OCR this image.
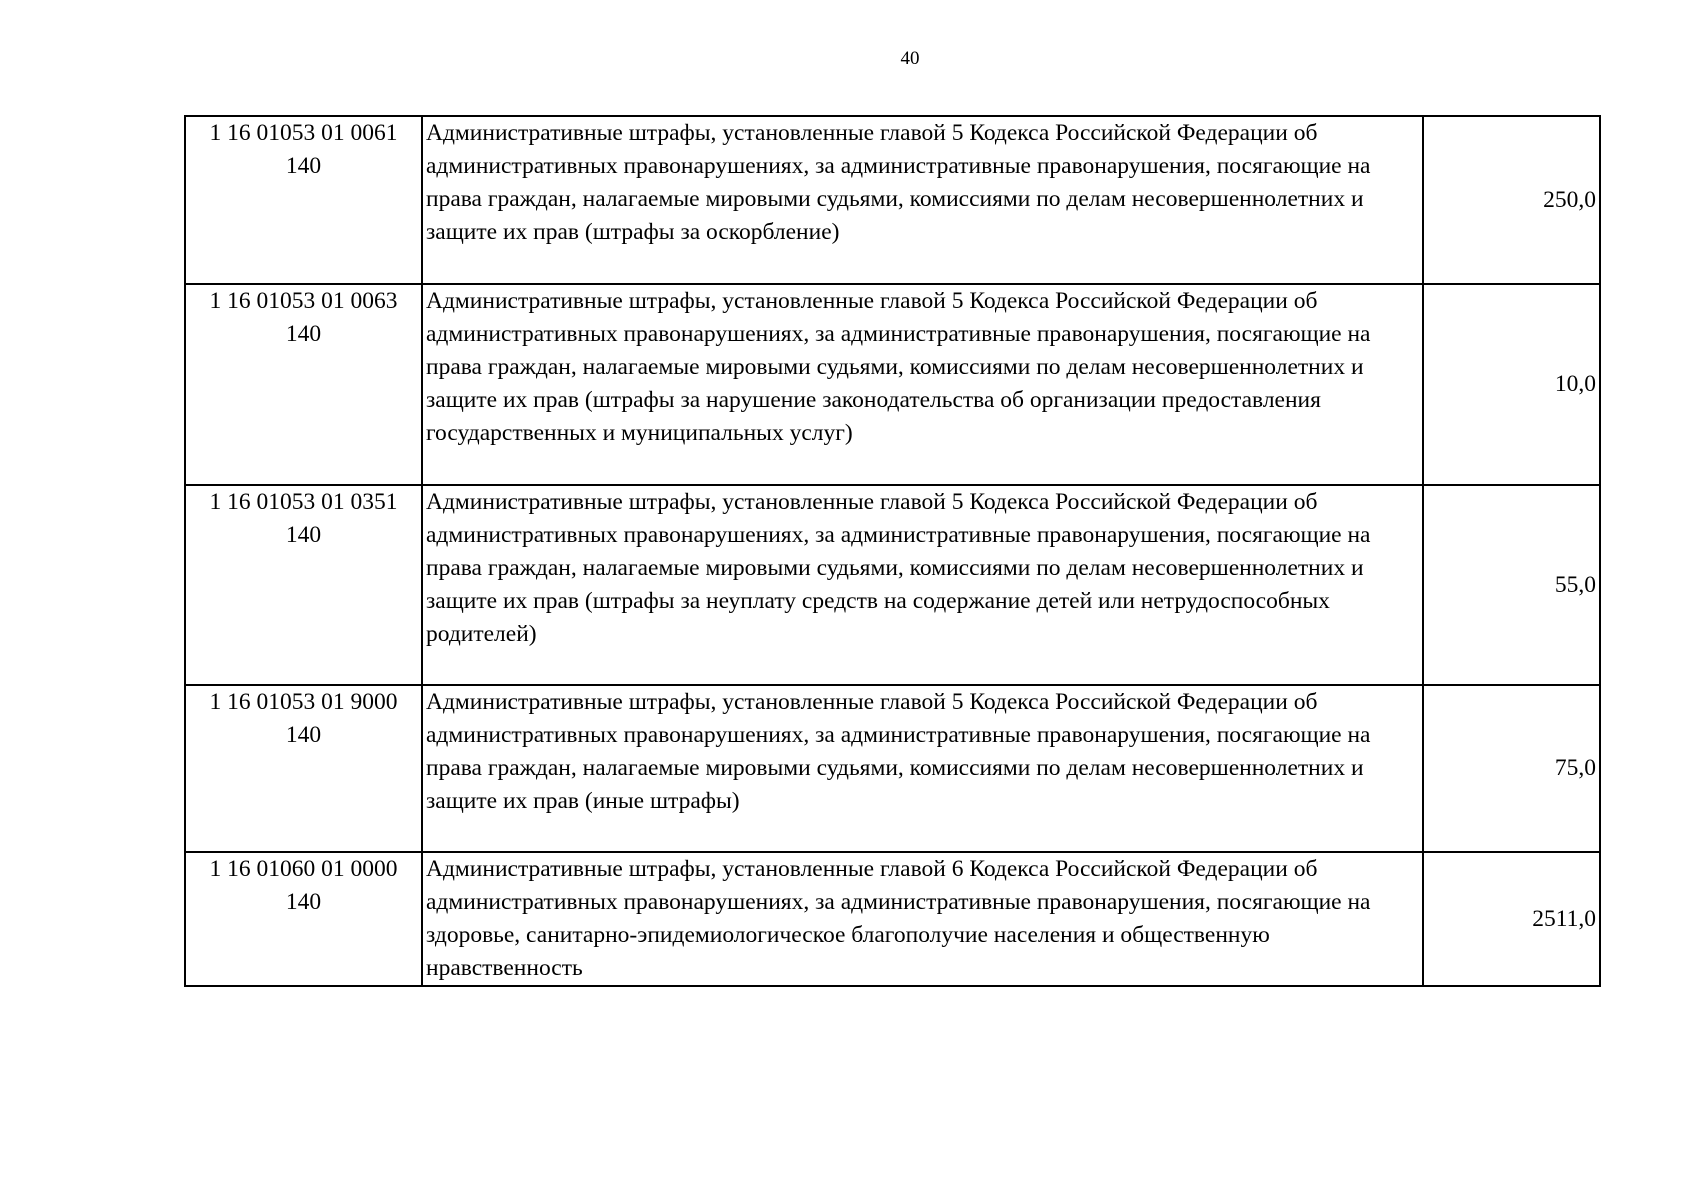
40
1 16 01053 01 0061
140	Административные штрафы, установленные главой 5 Кодекса Российской Федерации об административных правонарушениях, за административные правонарушения, посягающие на права граждан, налагаемые мировыми судьями, комиссиями по делам несовершеннолетних и защите их прав (штрафы за оскорбление)	250,0

1 16 01053 01 0063
140	Административные штрафы, установленные главой 5 Кодекса Российской Федерации об административных правонарушениях, за административные правонарушения, посягающие на права граждан, налагаемые мировыми судьями, комиссиями по делам несовершеннолетних и защите их прав (штрафы за нарушение законодательства об организации предоставления государственных и муниципальных услуг)	10,0

1 16 01053 01 0351
140	Административные штрафы, установленные главой 5 Кодекса Российской Федерации об административных правонарушениях, за административные правонарушения, посягающие на права граждан, налагаемые мировыми судьями, комиссиями по делам несовершеннолетних и защите их прав (штрафы за неуплату средств на содержание детей или нетрудоспособных родителей)	55,0

1 16 01053 01 9000
140	Административные штрафы, установленные главой 5 Кодекса Российской Федерации об административных правонарушениях, за административные правонарушения, посягающие на права граждан, налагаемые мировыми судьями, комиссиями по делам несовершеннолетних и защите их прав (иные штрафы)	75,0

1 16 01060 01 0000
140	Административные штрафы, установленные главой 6 Кодекса Российской Федерации об административных правонарушениях, за административные правонарушения, посягающие на здоровье, санитарно-эпидемиологическое благополучие населения и общественную нравственность	2511,0
